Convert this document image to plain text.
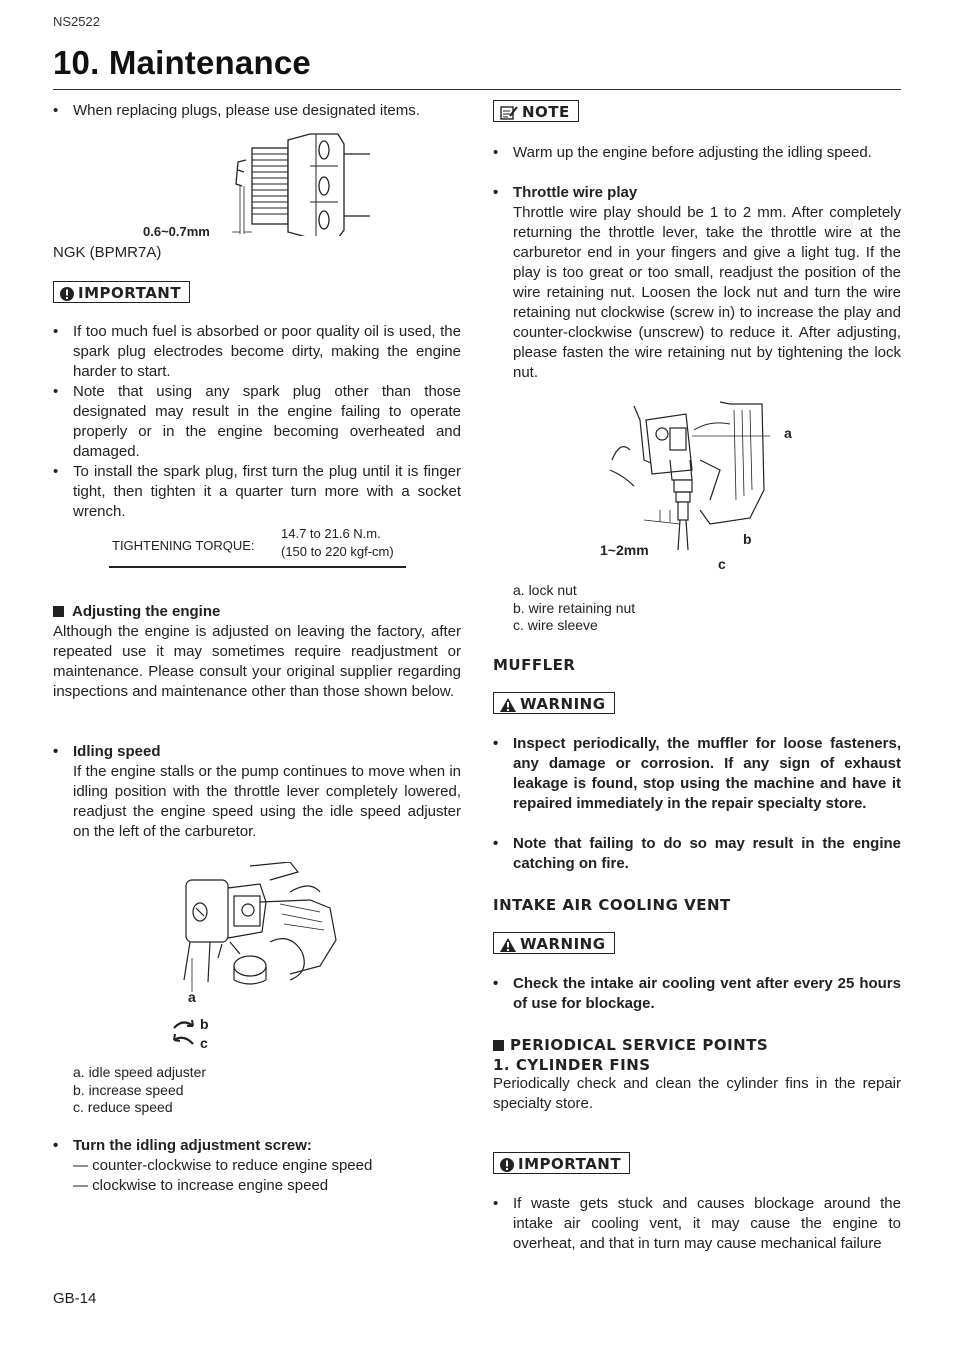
NS2522
10. Maintenance
• When replacing plugs, please use designated items.
0.6~0.7mm
NGK (BPMR7A)
IMPORTANT
• If too much fuel is absorbed or poor quality oil is used, the spark plug electrodes become dirty, making the engine harder to start.
• Note that using any spark plug other than those designated may result in the engine failing to operate properly or in the engine becoming overheated and damaged.
• To install the spark plug, first turn the plug until it is finger tight, then tighten it a quarter turn more with a socket wrench.
TIGHTENING TORQUE:
14.7 to 21.6 N.m.
(150 to 220 kgf-cm)
Adjusting the engine
Although the engine is adjusted on leaving the factory, after repeated use it may sometimes require readjustment or maintenance. Please consult your original supplier regarding inspections and maintenance other than those shown below.
• Idling speed
If the engine stalls or the pump continues to move when in idling position with the throttle lever completely lowered, readjust the engine speed using the idle speed adjuster on the left of the carburetor.
a
b
c
a. idle speed adjuster
b. increase speed
c. reduce speed
• Turn the idling adjustment screw:
— counter-clockwise to reduce engine speed
— clockwise to increase engine speed
NOTE
• Warm up the engine before adjusting the idling speed.
• Throttle wire play
Throttle wire play should be 1 to 2 mm. After completely returning the throttle lever, take the throttle wire at the carburetor end in your fingers and give a light tug. If the play is too great or too small, readjust the position of the wire retaining nut. Loosen the lock nut and turn the wire retaining nut clockwise (screw in) to increase the play and counter-clockwise (unscrew) to reduce it. After adjusting, please fasten the wire retaining nut by tightening the lock nut.
a
b
c
1~2mm
a. lock nut
b. wire retaining nut
c. wire sleeve
MUFFLER
WARNING
• Inspect periodically, the muffler for loose fasteners, any damage or corrosion. If any sign of exhaust leakage is found, stop using the machine and have it repaired immediately in the repair specialty store.
• Note that failing to do so may result in the engine catching on fire.
INTAKE AIR COOLING VENT
WARNING
• Check the intake air cooling vent after every 25 hours of use for blockage.
PERIODICAL SERVICE POINTS
1. CYLINDER FINS
Periodically check and clean the cylinder fins in the repair specialty store.
IMPORTANT
• If waste gets stuck and causes blockage around the intake air cooling vent, it may cause the engine to overheat, and that in turn may cause mechanical failure
GB-14
